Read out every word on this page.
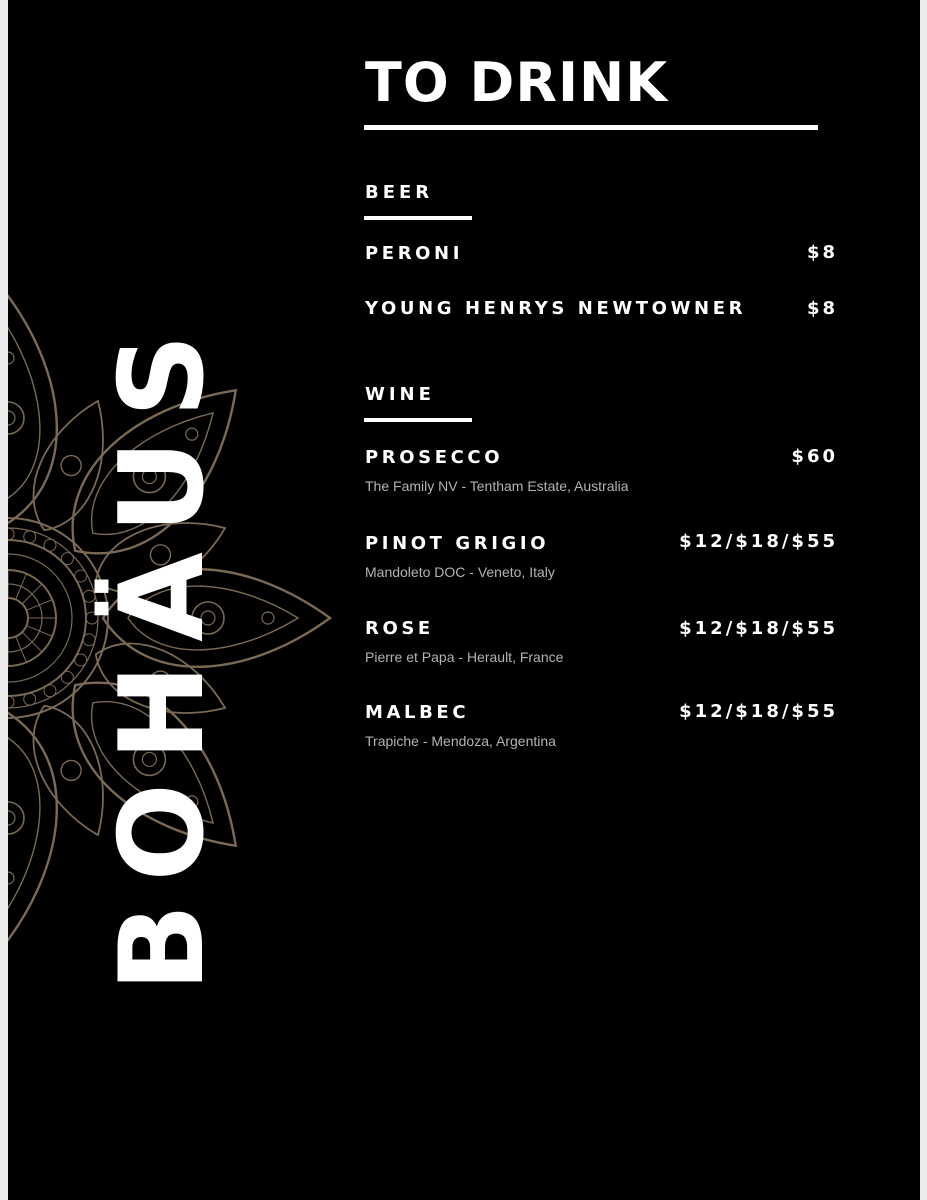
BOHÄUS
TO DRINK
BEER
PERONI	$8
YOUNG HENRYS NEWTOWNER	$8
WINE
PROSECCO	$60
The Family NV - Tentham Estate, Australia
PINOT GRIGIO	$12/$18/$55
Mandoleto DOC - Veneto, Italy
ROSE	$12/$18/$55
Pierre et Papa - Herault, France
MALBEC	$12/$18/$55
Trapiche - Mendoza, Argentina
